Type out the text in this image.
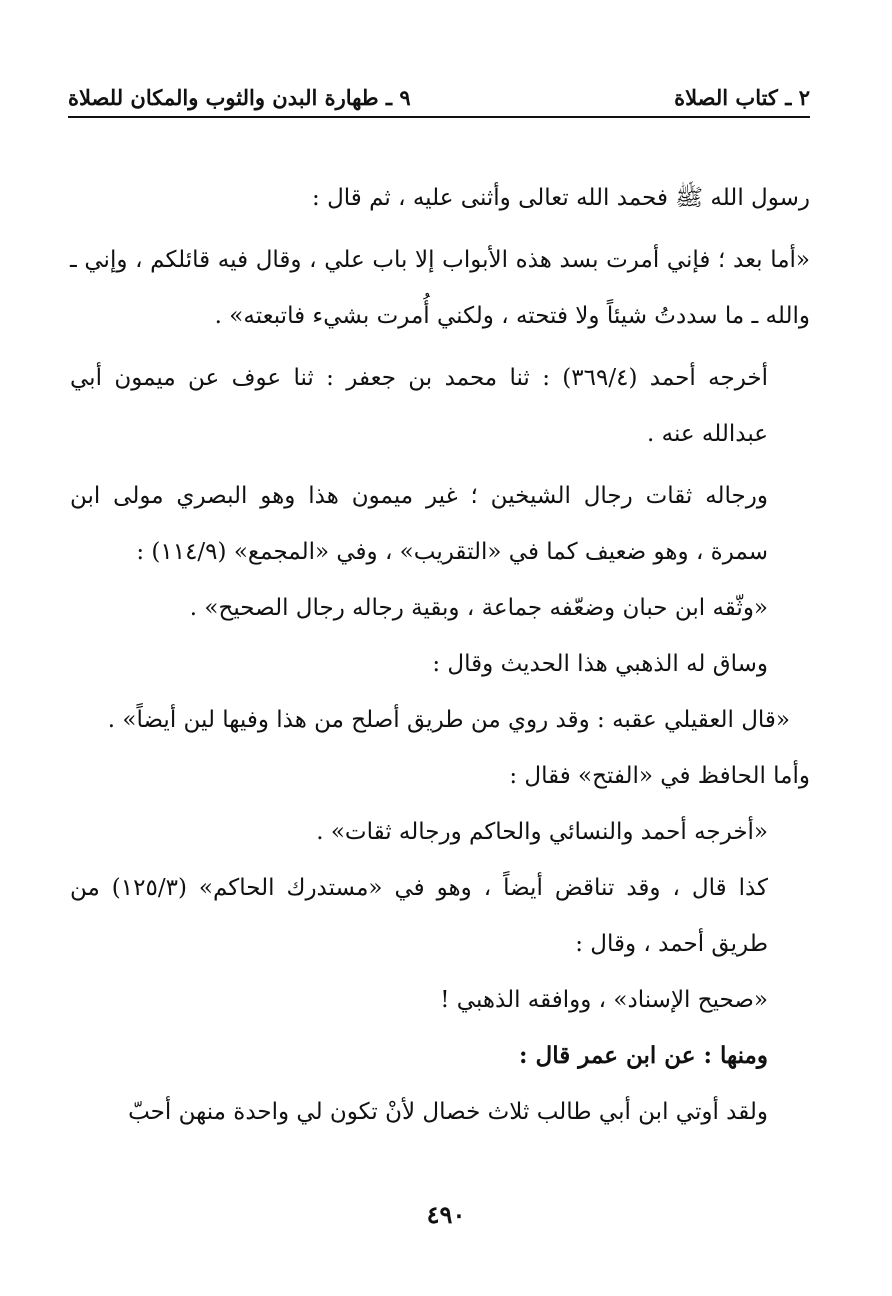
٢ ـ كتاب الصلاة
٩ ـ طهارة البدن والثوب والمكان للصلاة

رسول الله ﷺ فحمد الله تعالى وأثنى عليه ، ثم قال :

«أما بعد ؛ فإني أمرت بسد هذه الأبواب إلا باب علي ، وقال فيه قائلكم ، وإني ـ والله ـ ما سددتُ شيئاً ولا فتحته ، ولكني أُمرت بشيء فاتبعته» .

أخرجه أحمد (٣٦٩/٤) : ثنا محمد بن جعفر : ثنا عوف عن ميمون أبي عبدالله عنه .

ورجاله ثقات رجال الشيخين ؛ غير ميمون هذا وهو البصري مولى ابن سمرة ، وهو ضعيف كما في «التقريب» ، وفي «المجمع» (١١٤/٩) :

«وثّقه ابن حبان وضعّفه جماعة ، وبقية رجاله رجال الصحيح» .

وساق له الذهبي هذا الحديث وقال :

«قال العقيلي عقبه : وقد روي من طريق أصلح من هذا وفيها لين أيضاً» .

وأما الحافظ في «الفتح» فقال :

«أخرجه أحمد والنسائي والحاكم ورجاله ثقات» .

كذا قال ، وقد تناقض أيضاً ، وهو في «مستدرك الحاكم» (١٢٥/٣) من طريق أحمد ، وقال :

«صحيح الإسناد» ، ووافقه الذهبي !

ومنها : عن ابن عمر قال :

ولقد أوتي ابن أبي طالب ثلاث خصال لأنْ تكون لي واحدة منهن أحبّ

٤٩٠
